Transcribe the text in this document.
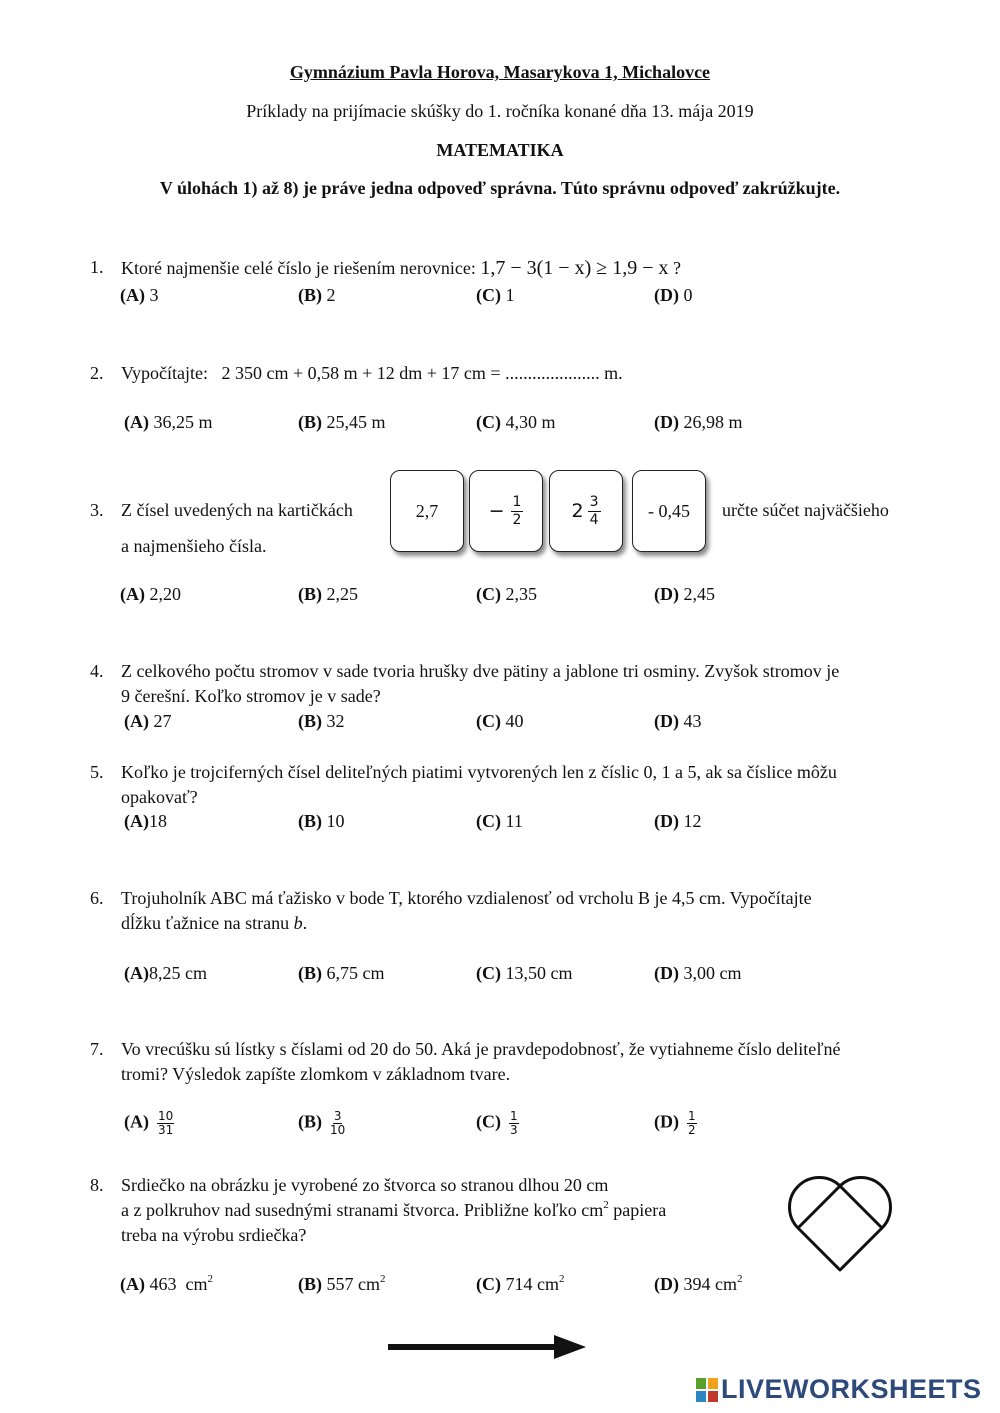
Gymnázium Pavla Horova, Masarykova 1, Michalovce
Príklady na prijímacie skúšky do 1. ročníka konané dňa 13. mája 2019
MATEMATIKA
V úlohách 1) až 8) je práve jedna odpoveď správna. Túto správnu odpoveď zakrúžkujte.
1. Ktoré najmenšie celé číslo je riešením nerovnice: 1,7 − 3(1 − x) ≥ 1,9 − x ?
(A) 3	(B) 2	(C) 1	(D) 0
2. Vypočítajte:   2 350 cm + 0,58 m + 12 dm + 17 cm = ..................... m.
(A) 36,25 m	(B) 25,45 m	(C) 4,30 m	(D) 26,98 m
3. Z čísel uvedených na kartičkách	určte súčet najväčšieho
a najmenšieho čísla.
2,7	− $\frac{1}{2}$	2 3
4	- 0,45
(A) 2,20	(B) 2,25	(C) 2,35	(D) 2,45
4. Z celkového počtu stromov v sade tvoria hrušky dve pätiny a jablone tri osminy. Zvyšok stromov je
9 čerešní. Koľko stromov je v sade?
(A) 27	(B) 32	(C) 40	(D) 43
5. Koľko je trojciferných čísel deliteľných piatimi vytvorených len z číslic 0, 1 a 5, ak sa číslice môžu
opakovať?
(A)18	(B) 10	(C) 11	(D) 12
6. Trojuholník ABC má ťažisko v bode T, ktorého vzdialenosť od vrcholu B je 4,5 cm. Vypočítajte
dĺžku ťažnice na stranu b.
(A)8,25 cm	(B) 6,75 cm	(C) 13,50 cm	(D) 3,00 cm
7. Vo vrecúšku sú lístky s číslami od 20 do 50. Aká je pravdepodobnosť, že vytiahneme číslo deliteľné
tromi? Výsledok zapíšte zlomkom v základnom tvare.
$(A) \frac{10}{31}$	$(B) \frac{3}{10}$	$(C) \frac{1}{3}$	$(D) \frac{1}{2}$
8. Srdiečko na obrázku je vyrobené zo štvorca so stranou dlhou 20 cm
a z polkruhov nad susednými stranami štvorca. Približne koľko $cm^2$ papiera
treba na výrobu srdiečka?
(A) 463 $cm^2$	(B) 557 $cm^2$	(C) 714 $cm^2$	(D) 394 $cm^2$
LIVEWORKSHEETS
